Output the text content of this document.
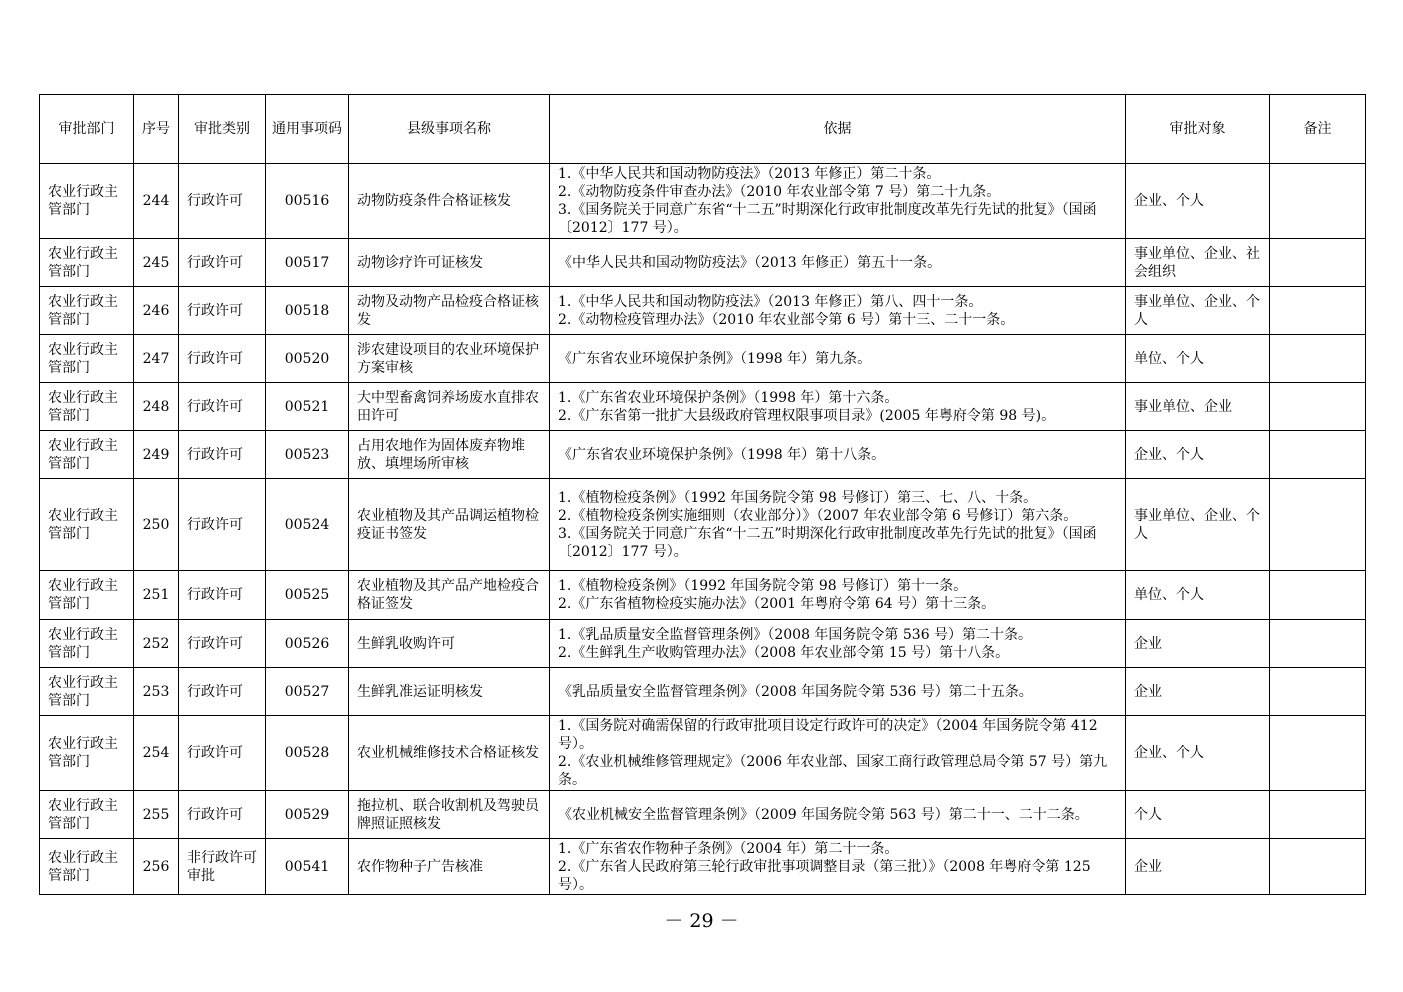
审批部门	序号	审批类别	通用事项码	县级事项名称	依据	审批对象	备注
农业行政主管部门	244	行政许可	00516	动物防疫条件合格证核发	1.《中华人民共和国动物防疫法》（2013 年修正）第二十条。
2.《动物防疫条件审查办法》（2010 年农业部令第 7 号）第二十九条。
3.《国务院关于同意广东省“十二五”时期深化行政审批制度改革先行先试的批复》（国函〔2012〕177 号）。	企业、个人	
农业行政主管部门	245	行政许可	00517	动物诊疗许可证核发	《中华人民共和国动物防疫法》（2013 年修正）第五十一条。	事业单位、企业、社会组织	
农业行政主管部门	246	行政许可	00518	动物及动物产品检疫合格证核发	1.《中华人民共和国动物防疫法》（2013 年修正）第八、四十一条。
2.《动物检疫管理办法》（2010 年农业部令第 6 号）第十三、二十一条。	事业单位、企业、个人	
农业行政主管部门	247	行政许可	00520	涉农建设项目的农业环境保护方案审核	《广东省农业环境保护条例》（1998 年）第九条。	单位、个人	
农业行政主管部门	248	行政许可	00521	大中型畜禽饲养场废水直排农田许可	1.《广东省农业环境保护条例》（1998 年）第十六条。
2.《广东省第一批扩大县级政府管理权限事项目录》(2005 年粤府令第 98 号)。	事业单位、企业	
农业行政主管部门	249	行政许可	00523	占用农地作为固体废弃物堆放、填埋场所审核	《广东省农业环境保护条例》（1998 年）第十八条。	企业、个人	
农业行政主管部门	250	行政许可	00524	农业植物及其产品调运植物检疫证书签发	1.《植物检疫条例》（1992 年国务院令第 98 号修订）第三、七、八、十条。
2.《植物检疫条例实施细则（农业部分）》（2007 年农业部令第 6 号修订）第六条。
3.《国务院关于同意广东省“十二五”时期深化行政审批制度改革先行先试的批复》（国函〔2012〕177 号）。	事业单位、企业、个人	
农业行政主管部门	251	行政许可	00525	农业植物及其产品产地检疫合格证签发	1.《植物检疫条例》（1992 年国务院令第 98 号修订）第十一条。
2.《广东省植物检疫实施办法》（2001 年粤府令第 64 号）第十三条。	单位、个人	
农业行政主管部门	252	行政许可	00526	生鲜乳收购许可	1.《乳品质量安全监督管理条例》（2008 年国务院令第 536 号）第二十条。
2.《生鲜乳生产收购管理办法》（2008 年农业部令第 15 号）第十八条。	企业	
农业行政主管部门	253	行政许可	00527	生鲜乳准运证明核发	《乳品质量安全监督管理条例》（2008 年国务院令第 536 号）第二十五条。	企业	
农业行政主管部门	254	行政许可	00528	农业机械维修技术合格证核发	1.《国务院对确需保留的行政审批项目设定行政许可的决定》（2004 年国务院令第 412 号）。
2.《农业机械维修管理规定》（2006 年农业部、国家工商行政管理总局令第 57 号）第九条。	企业、个人	
农业行政主管部门	255	行政许可	00529	拖拉机、联合收割机及驾驶员牌照证照核发	《农业机械安全监督管理条例》（2009 年国务院令第 563 号）第二十一、二十二条。	个人	
农业行政主管部门	256	非行政许可审批	00541	农作物种子广告核准	1.《广东省农作物种子条例》（2004 年）第二十一条。
2.《广东省人民政府第三轮行政审批事项调整目录（第三批）》（2008 年粤府令第 125 号）。	企业	
－ 29 －
